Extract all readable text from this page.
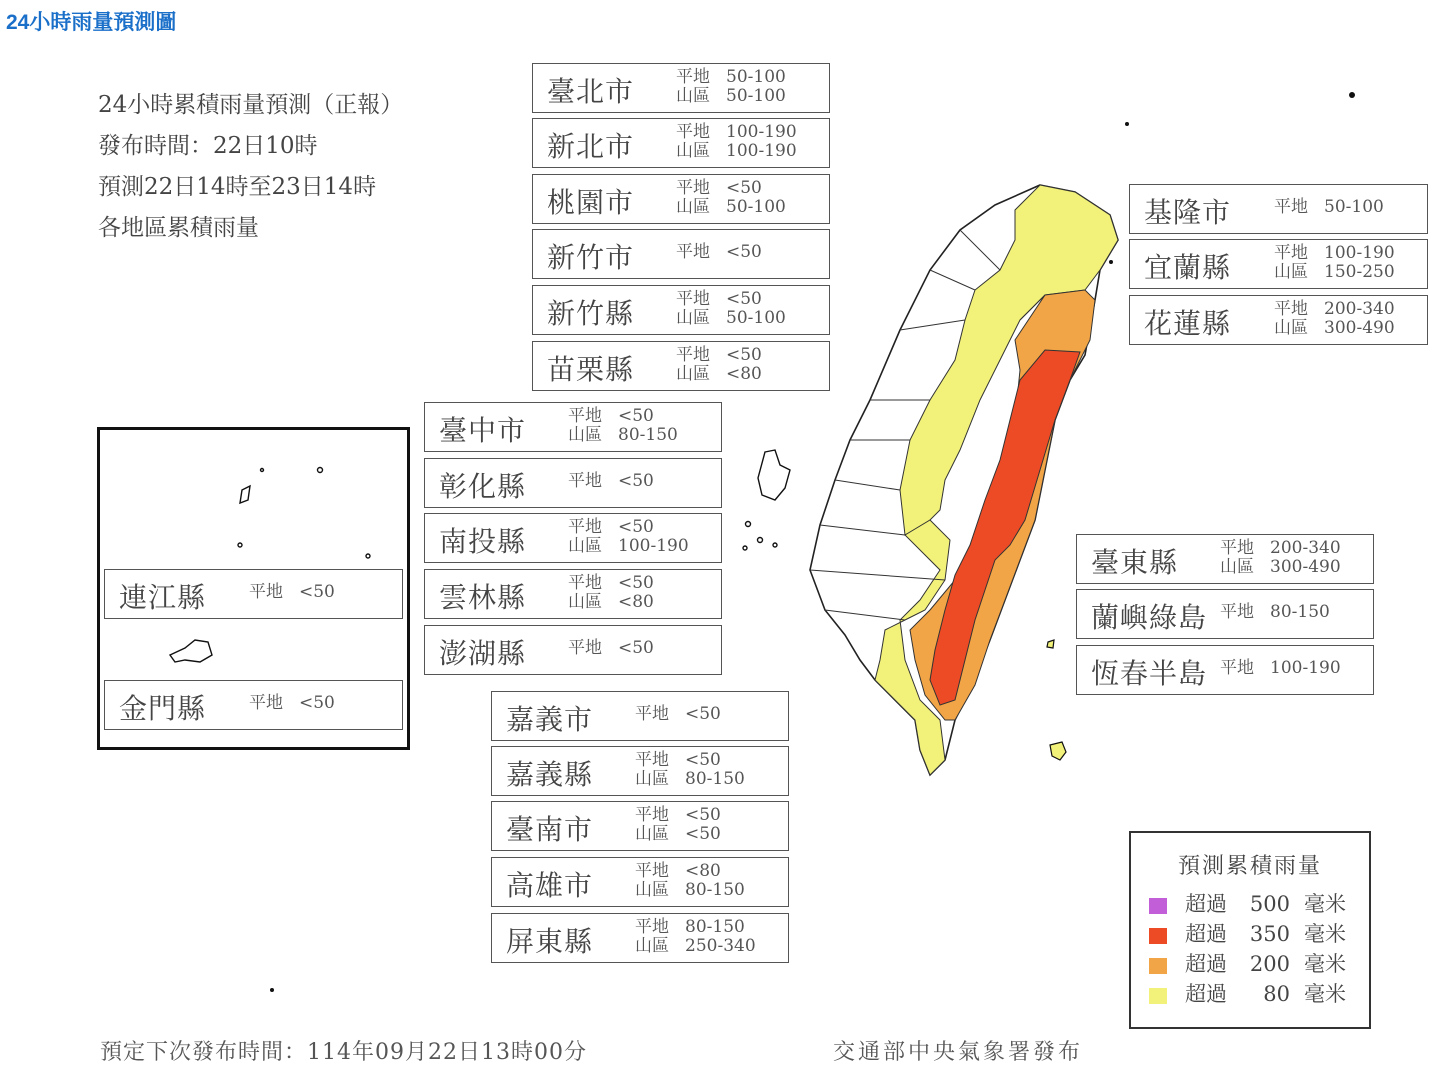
24小時雨量預測圖
24小時累積雨量預測（正報）
發布時間：22日10時
預測22日14時至23日14時
各地區累積雨量
臺北市 平地 50-100
山區 50-100
新北市 平地 100-190
山區 100-190
桃園市 平地 <50
山區 50-100
新竹市 平地 <50
新竹縣 平地 <50
山區 50-100
苗栗縣 平地 <50
山區 <80
臺中市 平地 <50
山區 80-150
彰化縣 平地 <50
南投縣 平地 <50
山區 100-190
雲林縣 平地 <50
山區 <80
澎湖縣 平地 <50
嘉義市 平地 <50
嘉義縣 平地 <50
山區 80-150
臺南市 平地 <50
山區 <50
高雄市 平地 <80
山區 80-150
屏東縣 平地 80-150
山區 250-340
基隆市	平地 50-100
宜蘭縣	平地 100-190
山區 150-250
花蓮縣	平地 200-340
山區 300-490
臺東縣 平地 200-340
山區 300-490
蘭嶼綠島 平地 80-150
恆春半島 平地 100-190
連江縣	平地 <50
金門縣	平地 <50
預測累積雨量
超過 500 毫米
超過 350 毫米
超過 200 毫米
超過 80 毫米
預定下次發布時間：114年09月22日13時00分	交通部中央氣象署發布
